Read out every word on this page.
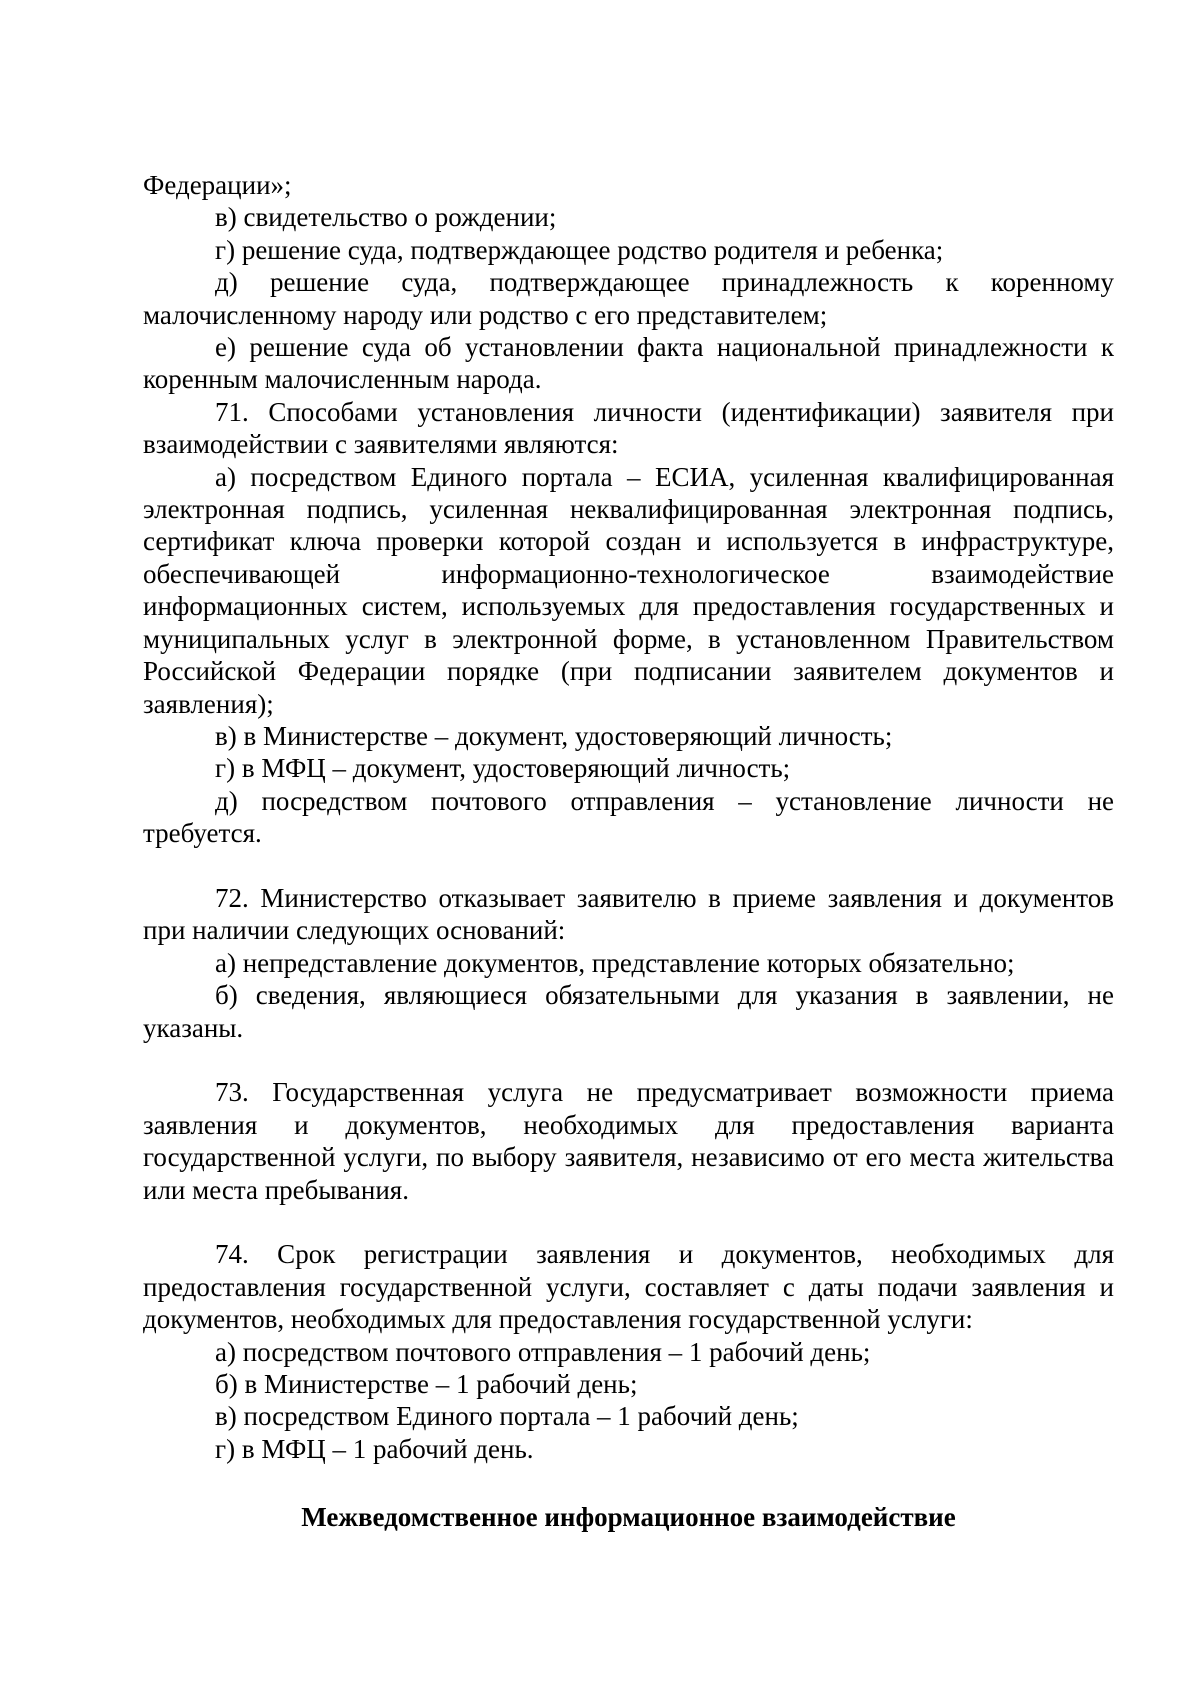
Федерации»;

в) свидетельство о рождении;

г) решение суда, подтверждающее родство родителя и ребенка;

д) решение суда, подтверждающее принадлежность к коренному малочисленному народу или родство с его представителем;

е) решение суда об установлении факта национальной принадлежности к коренным малочисленным народа.

71. Способами установления личности (идентификации) заявителя при взаимодействии с заявителями являются:

а) посредством Единого портала – ЕСИА, усиленная квалифицированная электронная подпись, усиленная неквалифицированная электронная подпись, сертификат ключа проверки которой создан и используется в инфраструктуре, обеспечивающей информационно-технологическое взаимодействие информационных систем, используемых для предоставления государственных и муниципальных услуг в электронной форме, в установленном Правительством Российской Федерации порядке (при подписании заявителем документов и заявления);

в) в Министерстве – документ, удостоверяющий личность;

г) в МФЦ – документ, удостоверяющий личность;

д) посредством почтового отправления – установление личности не требуется.

72. Министерство отказывает заявителю в приеме заявления и документов при наличии следующих оснований:

а) непредставление документов, представление которых обязательно;

б) сведения, являющиеся обязательными для указания в заявлении, не указаны.

73. Государственная услуга не предусматривает возможности приема заявления и документов, необходимых для предоставления варианта государственной услуги, по выбору заявителя, независимо от его места жительства или места пребывания.

74. Срок регистрации заявления и документов, необходимых для предоставления государственной услуги, составляет с даты подачи заявления и документов, необходимых для предоставления государственной услуги:

а) посредством почтового отправления – 1 рабочий день;

б) в Министерстве – 1 рабочий день;

в) посредством Единого портала – 1 рабочий день;

г) в МФЦ – 1 рабочий день.

Межведомственное информационное взаимодействие
